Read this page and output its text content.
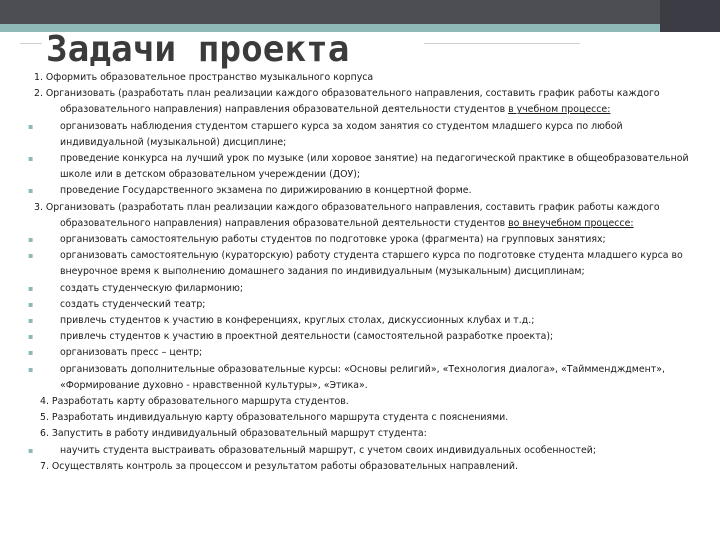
Задачи проекта
1. Оформить образовательное пространство музыкального корпуса
2. Организовать (разработать план реализации каждого образовательного направления, составить график работы каждого образовательного направления) направления образовательной деятельности студентов в учебном процессе:
▪ организовать наблюдения студентом старшего курса за ходом занятия со студентом младшего курса по любой индивидуальной (музыкальной) дисциплине;
▪ проведение конкурса на лучший урок по музыке (или хоровое занятие) на педагогической практике в общеобразовательной школе или в детском образовательном учереждении (ДОУ);
▪ проведение Государственного экзамена по дирижированию в концертной форме.
3. Организовать (разработать план реализации каждого образовательного направления, составить график работы каждого образовательного направления) направления образовательной деятельности студентов во внеучебном процессе:
▪ организовать самостоятельную работы студентов по подготовке урока (фрагмента) на групповых занятиях;
▪ организовать самостоятельную (кураторскую) работу студента старшего курса по подготовке студента младшего курса во внеурочное время к выполнению домашнего задания по индивидуальным (музыкальным) дисциплинам;
▪ создать студенческую филармонию;
▪ создать студенческий театр;
▪ привлечь студентов к участию в конференциях, круглых столах, дискуссионных клубах и т.д.;
▪ привлечь студентов к участию в проектной деятельности (самостоятельной разработке проекта);
▪ организовать пресс – центр;
▪ организовать дополнительные образовательные курсы: «Основы религий», «Технология диалога», «Тайммендждмент», «Формирование духовно - нравственной культуры», «Этика».
4. Разработать карту образовательного маршрута студентов.
5. Разработать индивидуальную карту образовательного маршрута студента с пояснениями.
6. Запустить в работу индивидуальный образовательный маршрут студента:
▪ научить студента выстраивать образовательный маршрут, с учетом своих индивидуальных особенностей;
7. Осуществлять контроль за процессом и результатом работы образовательных направлений.
